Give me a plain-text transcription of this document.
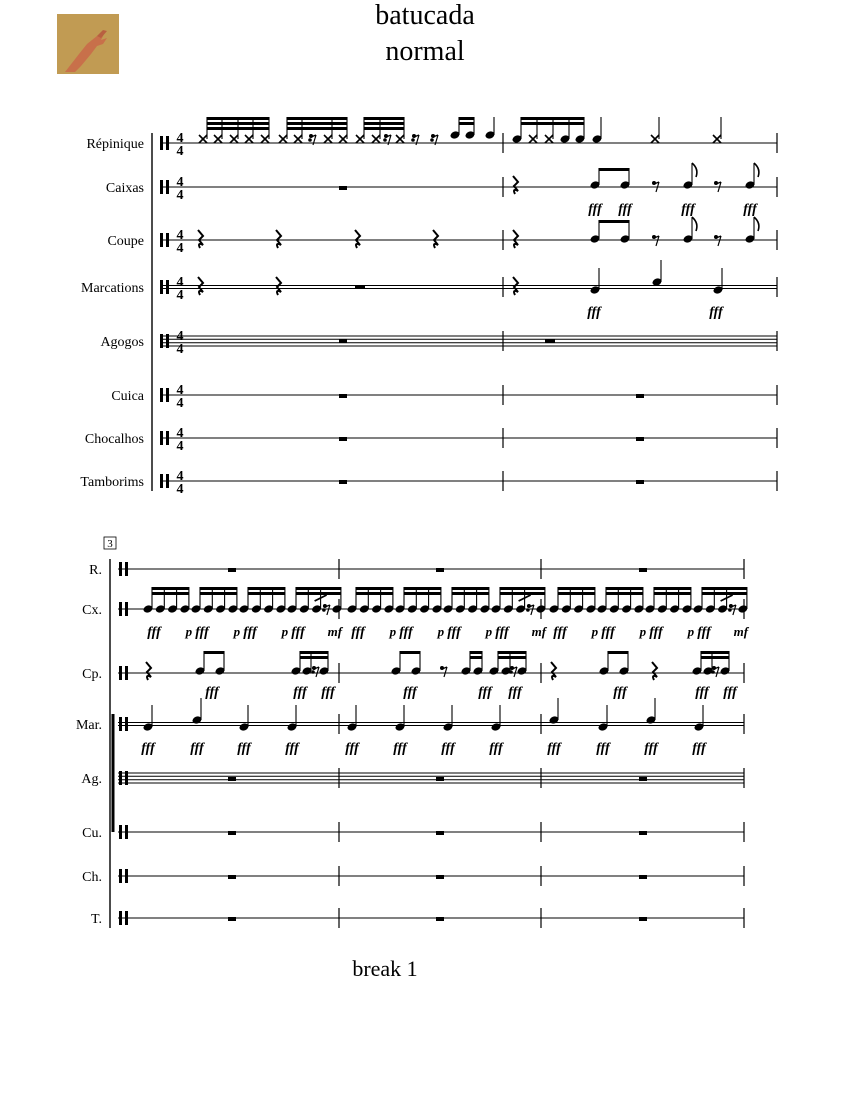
batucada
normal
Répinique 4
4
Caixas 4
4
Coupe 4
4
Marcations 4
4
Agogos 4
4
Cuica 4
4
Chocalhos 4
4
Tamborims 4
4
fff fff	fff	fff
fff	fff
3
R.
Cx.
Cp.
Mar.
Ag.
Cu.
Ch.
T.
fff p fff p fff p fff mf fff p fff p fff p fff mf fff p fff p fff p fff mf
fff	fff fff	fff	fff fff	fff	fff fff
fff	fff fff fff	fff fff fff fff	fff	fff fff fff
break 1
